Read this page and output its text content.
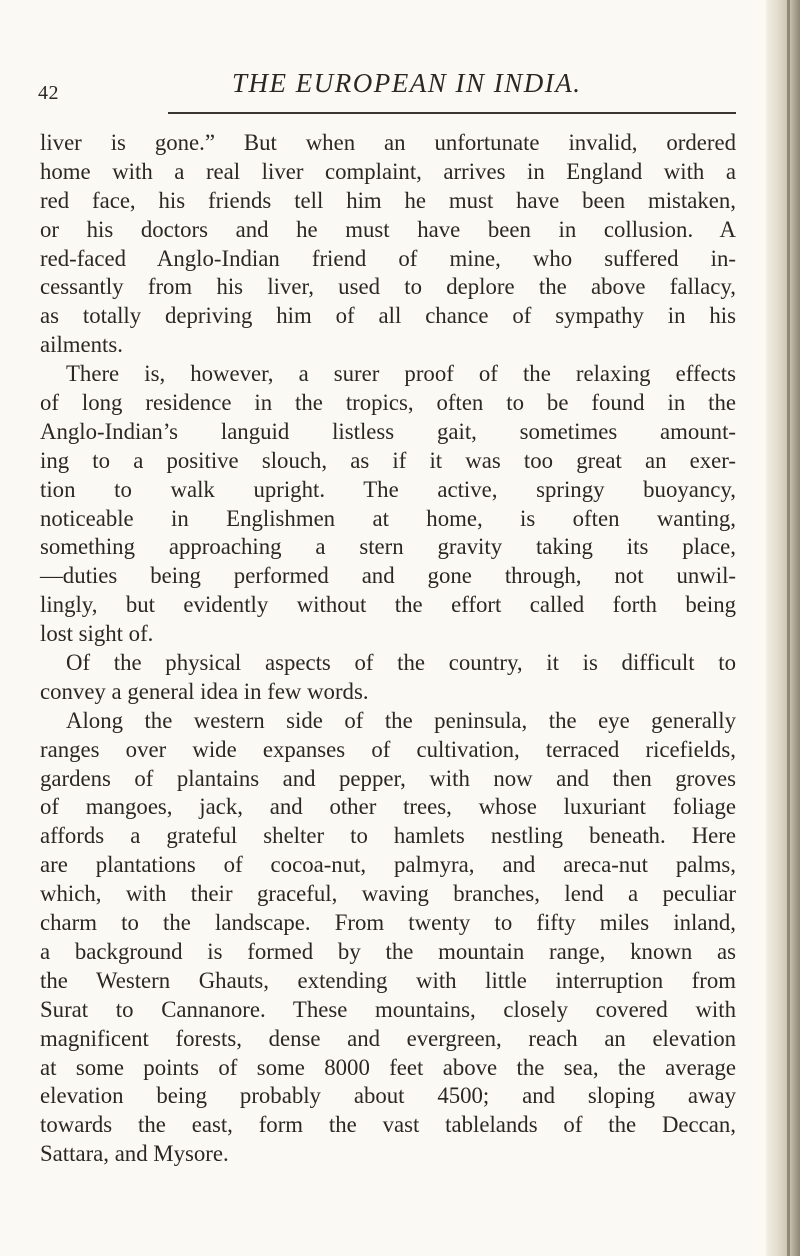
42	THE EUROPEAN IN INDIA.
liver is gone.” But when an unfortunate invalid, ordered
home with a real liver complaint, arrives in England with a
red face, his friends tell him he must have been mistaken,
or his doctors and he must have been in collusion. A
red-faced Anglo-Indian friend of mine, who suffered in-
cessantly from his liver, used to deplore the above fallacy,
as totally depriving him of all chance of sympathy in his
ailments.
There is, however, a surer proof of the relaxing effects
of long residence in the tropics, often to be found in the
Anglo-Indian’s languid listless gait, sometimes amount-
ing to a positive slouch, as if it was too great an exer-
tion to walk upright. The active, springy buoyancy,
noticeable in Englishmen at home, is often wanting,
something approaching a stern gravity taking its place,
—duties being performed and gone through, not unwil-
lingly, but evidently without the effort called forth being
lost sight of.
Of the physical aspects of the country, it is difficult to
convey a general idea in few words.
Along the western side of the peninsula, the eye generally
ranges over wide expanses of cultivation, terraced ricefields,
gardens of plantains and pepper, with now and then groves
of mangoes, jack, and other trees, whose luxuriant foliage
affords a grateful shelter to hamlets nestling beneath. Here
are plantations of cocoa-nut, palmyra, and areca-nut palms,
which, with their graceful, waving branches, lend a peculiar
charm to the landscape. From twenty to fifty miles inland,
a background is formed by the mountain range, known as
the Western Ghauts, extending with little interruption from
Surat to Cannanore. These mountains, closely covered with
magnificent forests, dense and evergreen, reach an elevation
at some points of some 8000 feet above the sea, the average
elevation being probably about 4500; and sloping away
towards the east, form the vast tablelands of the Deccan,
Sattara, and Mysore.
